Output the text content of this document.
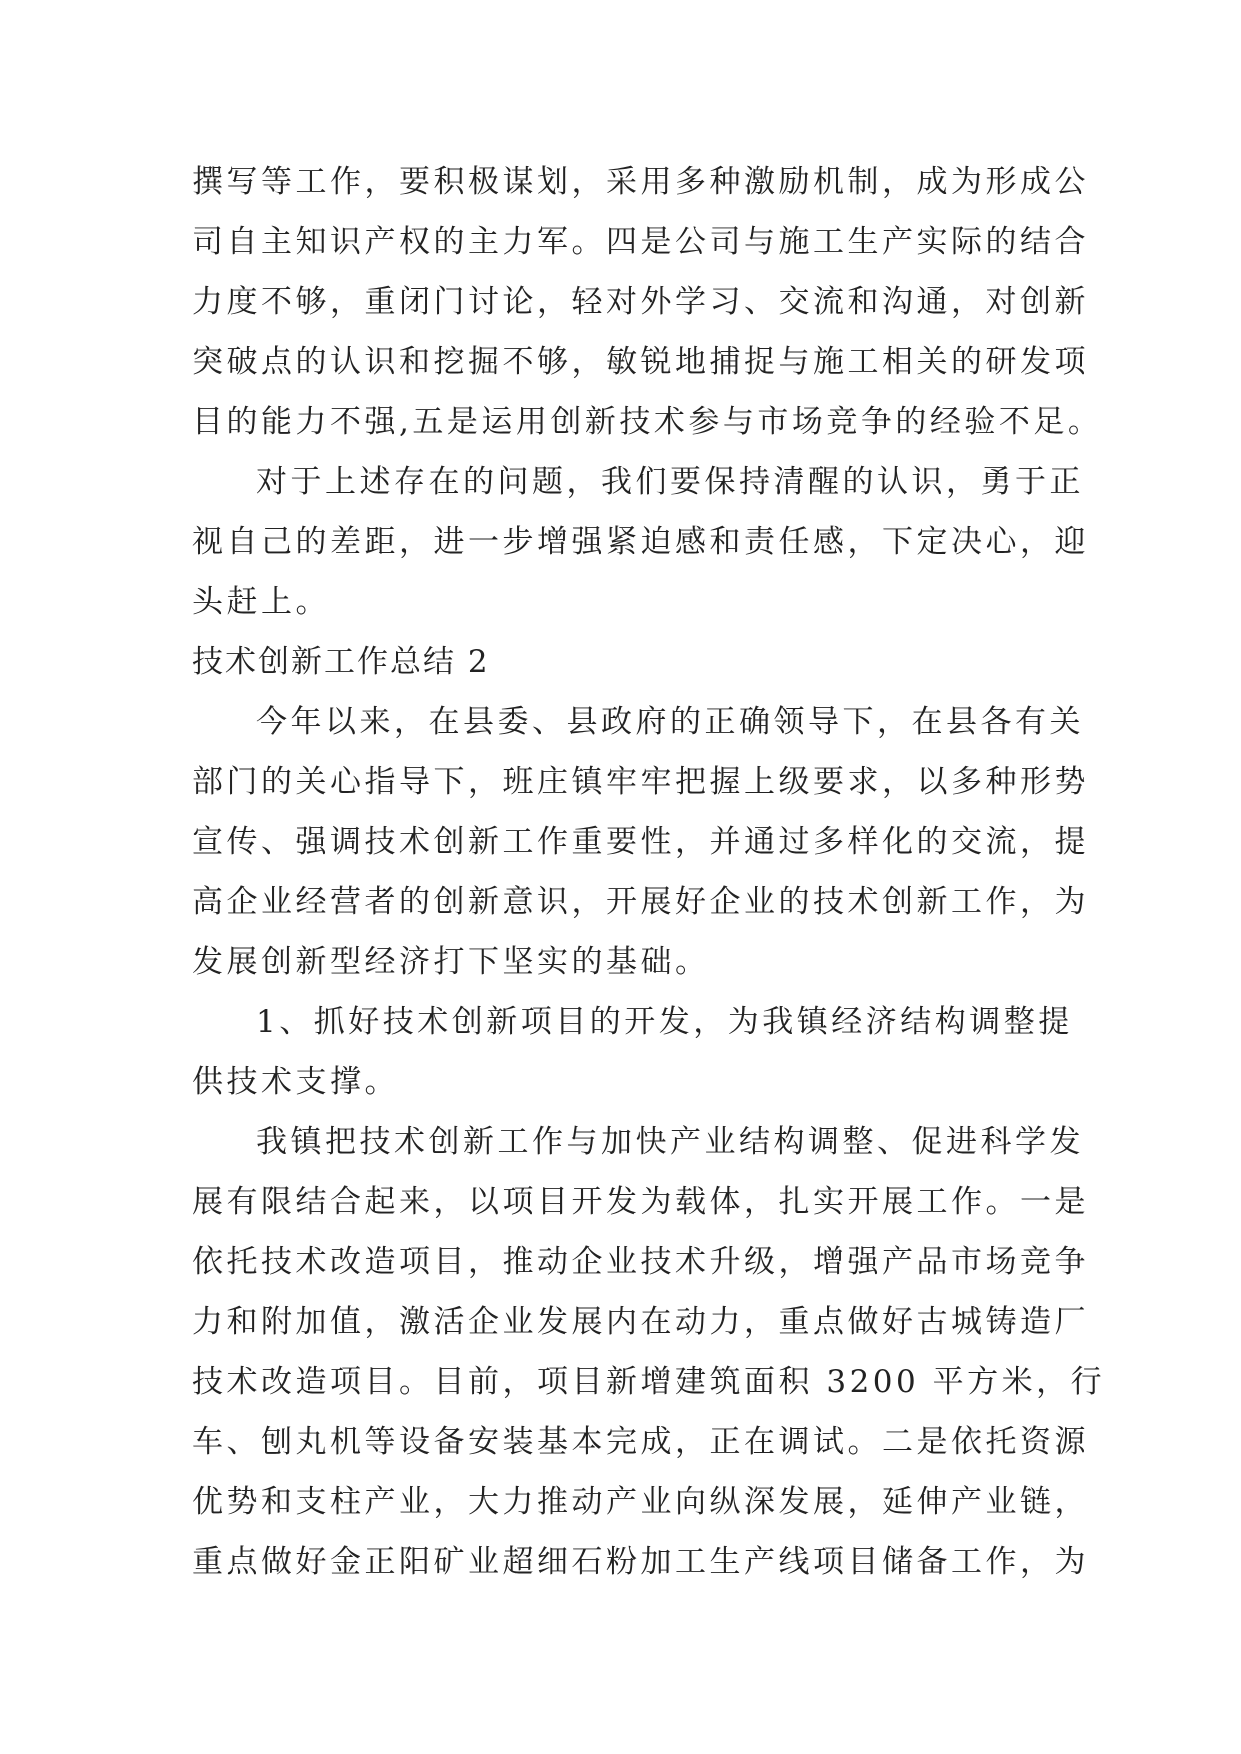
撰写等工作，要积极谋划，采用多种激励机制，成为形成公
司自主知识产权的主力军。四是公司与施工生产实际的结合
力度不够，重闭门讨论，轻对外学习、交流和沟通，对创新
突破点的认识和挖掘不够，敏锐地捕捉与施工相关的研发项
目的能力不强,五是运用创新技术参与市场竞争的经验不足。
对于上述存在的问题，我们要保持清醒的认识，勇于正
视自己的差距，进一步增强紧迫感和责任感，下定决心，迎
头赶上。
技术创新工作总结 2
今年以来，在县委、县政府的正确领导下，在县各有关
部门的关心指导下，班庄镇牢牢把握上级要求，以多种形势
宣传、强调技术创新工作重要性，并通过多样化的交流，提
高企业经营者的创新意识，开展好企业的技术创新工作，为
发展创新型经济打下坚实的基础。
1、抓好技术创新项目的开发，为我镇经济结构调整提
供技术支撑。
我镇把技术创新工作与加快产业结构调整、促进科学发
展有限结合起来，以项目开发为载体，扎实开展工作。一是
依托技术改造项目，推动企业技术升级，增强产品市场竞争
力和附加值，激活企业发展内在动力，重点做好古城铸造厂
技术改造项目。目前，项目新增建筑面积 3200 平方米，行
车、刨丸机等设备安装基本完成，正在调试。二是依托资源
优势和支柱产业，大力推动产业向纵深发展，延伸产业链，
重点做好金正阳矿业超细石粉加工生产线项目储备工作，为
